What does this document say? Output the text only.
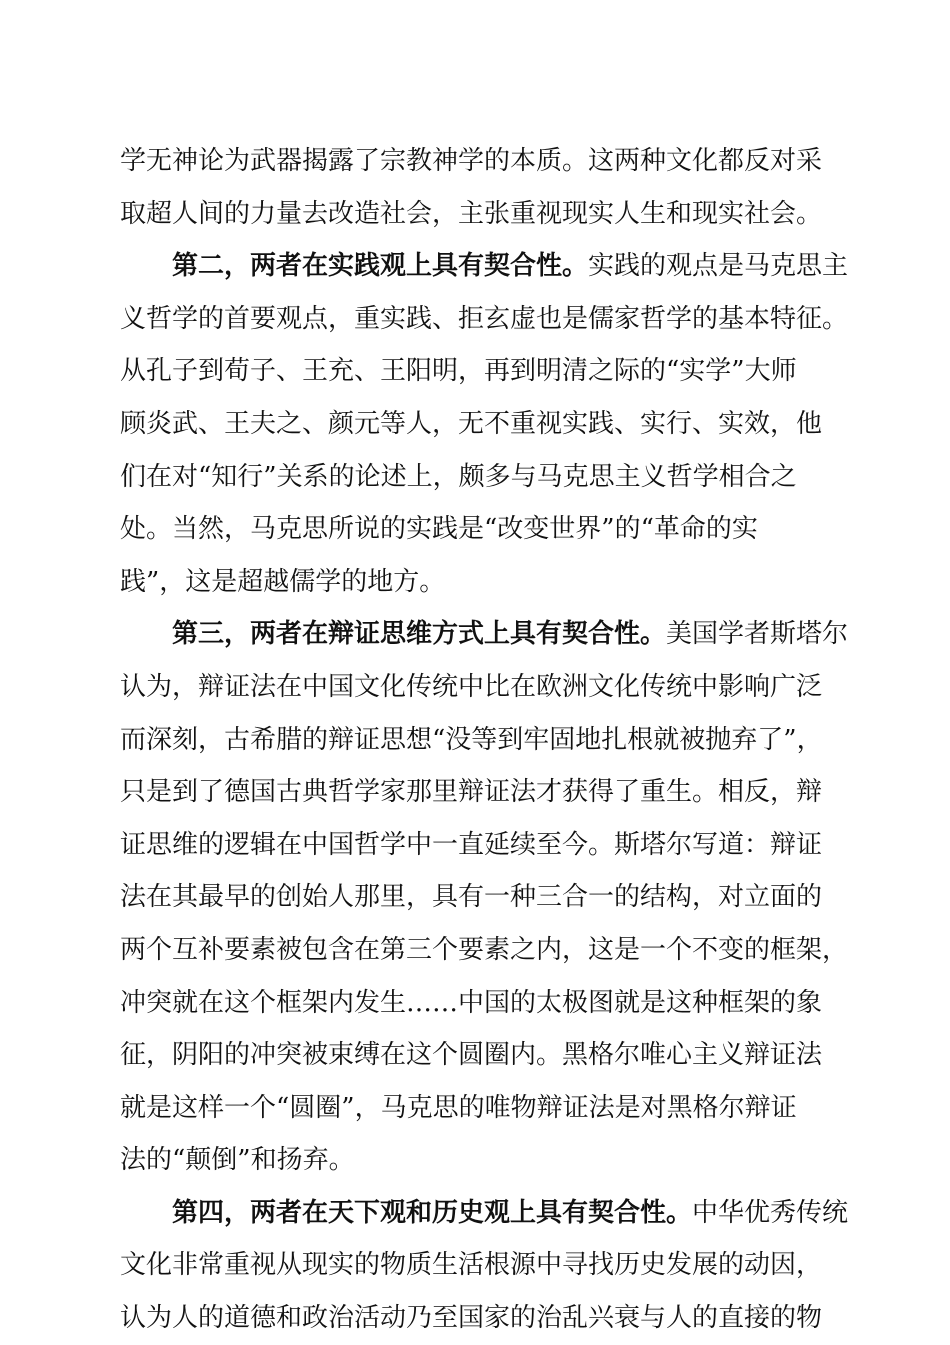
学无神论为武器揭露了宗教神学的本质。这两种文化都反对采
取超人间的力量去改造社会，主张重视现实人生和现实社会。
第二，两者在实践观上具有契合性。实践的观点是马克思主
义哲学的首要观点，重实践、拒玄虚也是儒家哲学的基本特征。
从孔子到荀子、王充、王阳明，再到明清之际的“实学”大师
顾炎武、王夫之、颜元等人，无不重视实践、实行、实效，他
们在对“知行”关系的论述上，颇多与马克思主义哲学相合之
处。当然，马克思所说的实践是“改变世界”的“革命的实
践”，这是超越儒学的地方。
第三，两者在辩证思维方式上具有契合性。美国学者斯塔尔
认为，辩证法在中国文化传统中比在欧洲文化传统中影响广泛
而深刻，古希腊的辩证思想“没等到牢固地扎根就被抛弃了”，
只是到了德国古典哲学家那里辩证法才获得了重生。相反，辩
证思维的逻辑在中国哲学中一直延续至今。斯塔尔写道：辩证
法在其最早的创始人那里，具有一种三合一的结构，对立面的
两个互补要素被包含在第三个要素之内，这是一个不变的框架，
冲突就在这个框架内发生……中国的太极图就是这种框架的象
征，阴阳的冲突被束缚在这个圆圈内。黑格尔唯心主义辩证法
就是这样一个“圆圈”，马克思的唯物辩证法是对黑格尔辩证
法的“颠倒”和扬弃。
第四，两者在天下观和历史观上具有契合性。中华优秀传统
文化非常重视从现实的物质生活根源中寻找历史发展的动因，
认为人的道德和政治活动乃至国家的治乱兴衰与人的直接的物
